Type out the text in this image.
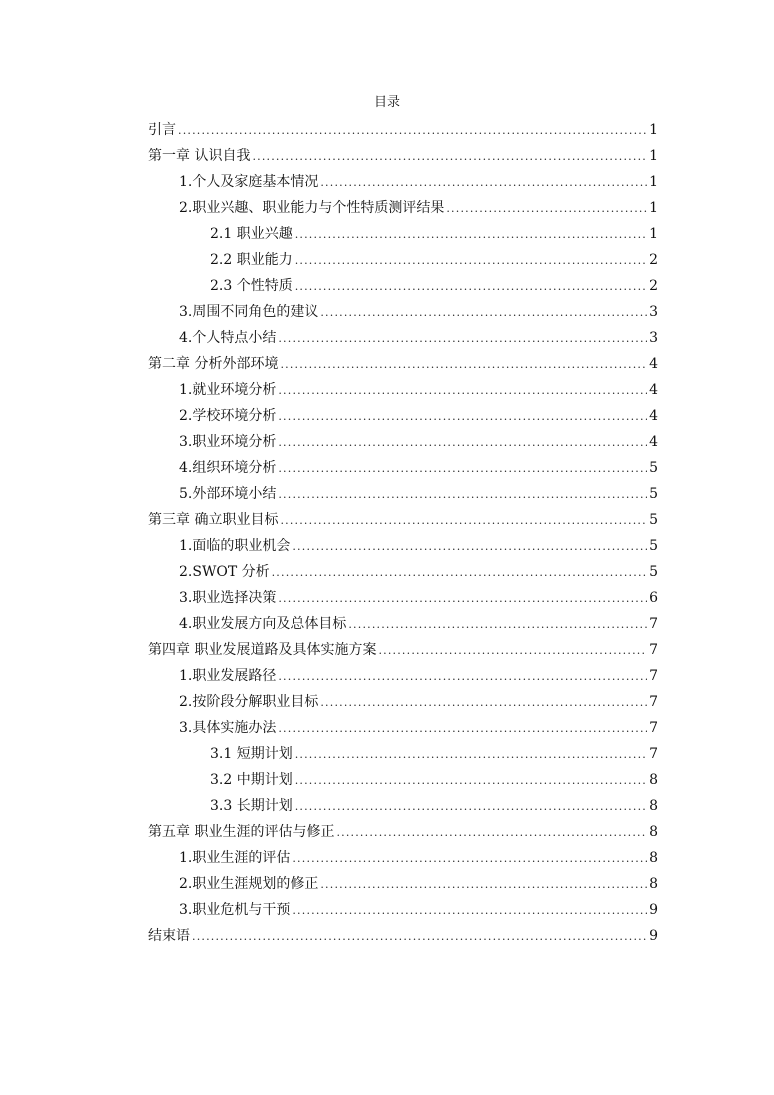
目录
引言 .....	1
第一章 认识自我 .....	1
1.个人及家庭基本情况 .....	1
2.职业兴趣、职业能力与个性特质测评结果 .....	1
2.1 职业兴趣 .....	1
2.2 职业能力 .....	2
2.3 个性特质 .....	2
3.周围不同角色的建议 .....	3
4.个人特点小结 .....	3
第二章 分析外部环境 .....	4
1.就业环境分析 .....	4
2.学校环境分析 .....	4
3.职业环境分析 .....	4
4.组织环境分析 .....	5
5.外部环境小结 .....	5
第三章 确立职业目标 .....	5
1.面临的职业机会 .....	5
2.SWOT 分析 .....	5
3.职业选择决策 .....	6
4.职业发展方向及总体目标 .....	7
第四章 职业发展道路及具体实施方案 .....	7
1.职业发展路径 .....	7
2.按阶段分解职业目标 .....	7
3.具体实施办法 .....	7
3.1 短期计划 .....	7
3.2 中期计划 .....	8
3.3 长期计划 .....	8
第五章 职业生涯的评估与修正 .....	8
1.职业生涯的评估 .....	8
2.职业生涯规划的修正 .....	8
3.职业危机与干预 .....	9
结束语 .....	9
